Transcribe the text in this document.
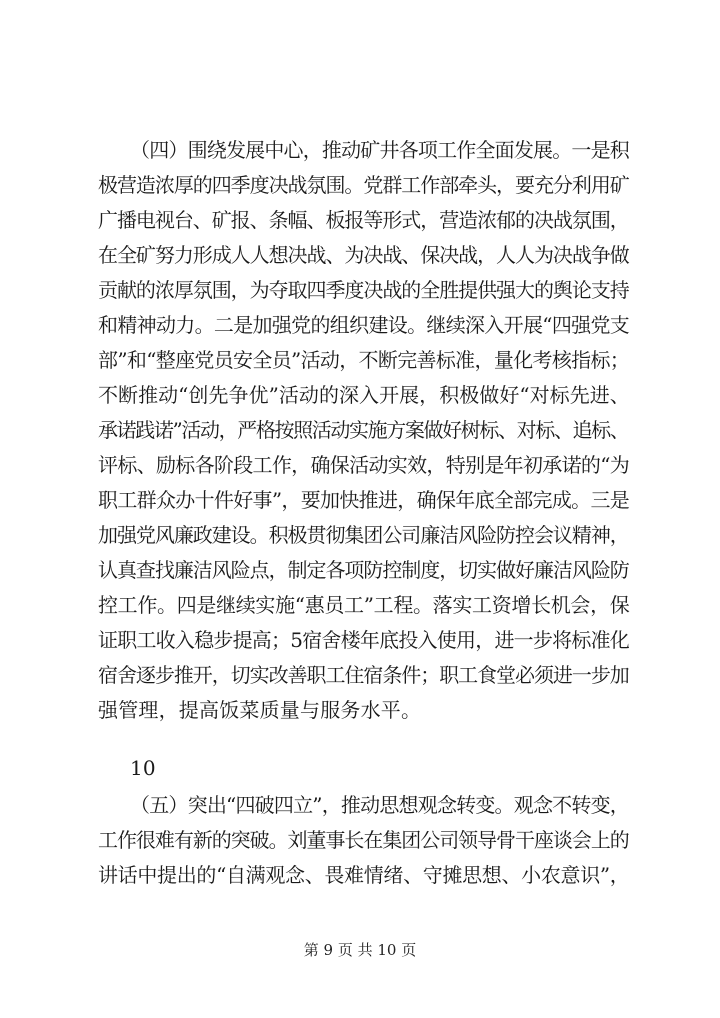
（四）围绕发展中心，推动矿井各项工作全面发展。一是积
极营造浓厚的四季度决战氛围。党群工作部牵头，要充分利用矿
广播电视台、矿报、条幅、板报等形式，营造浓郁的决战氛围，
在全矿努力形成人人想决战、为决战、保决战，人人为决战争做
贡献的浓厚氛围，为夺取四季度决战的全胜提供强大的舆论支持
和精神动力。二是加强党的组织建设。继续深入开展“四强党支
部”和“整座党员安全员”活动，不断完善标准，量化考核指标；
不断推动“创先争优”活动的深入开展，积极做好“对标先进、
承诺践诺”活动，严格按照活动实施方案做好树标、对标、追标、
评标、励标各阶段工作，确保活动实效，特别是年初承诺的“为
职工群众办十件好事”，要加快推进，确保年底全部完成。三是
加强党风廉政建设。积极贯彻集团公司廉洁风险防控会议精神，
认真查找廉洁风险点，制定各项防控制度，切实做好廉洁风险防
控工作。四是继续实施“惠员工”工程。落实工资增长机会，保
证职工收入稳步提高；5宿舍楼年底投入使用，进一步将标准化
宿舍逐步推开，切实改善职工住宿条件；职工食堂必须进一步加
强管理，提高饭菜质量与服务水平。
10
（五）突出“四破四立”，推动思想观念转变。观念不转变，
工作很难有新的突破。刘董事长在集团公司领导骨干座谈会上的
讲话中提出的“自满观念、畏难情绪、守摊思想、小农意识”，
第 9 页 共 10 页
